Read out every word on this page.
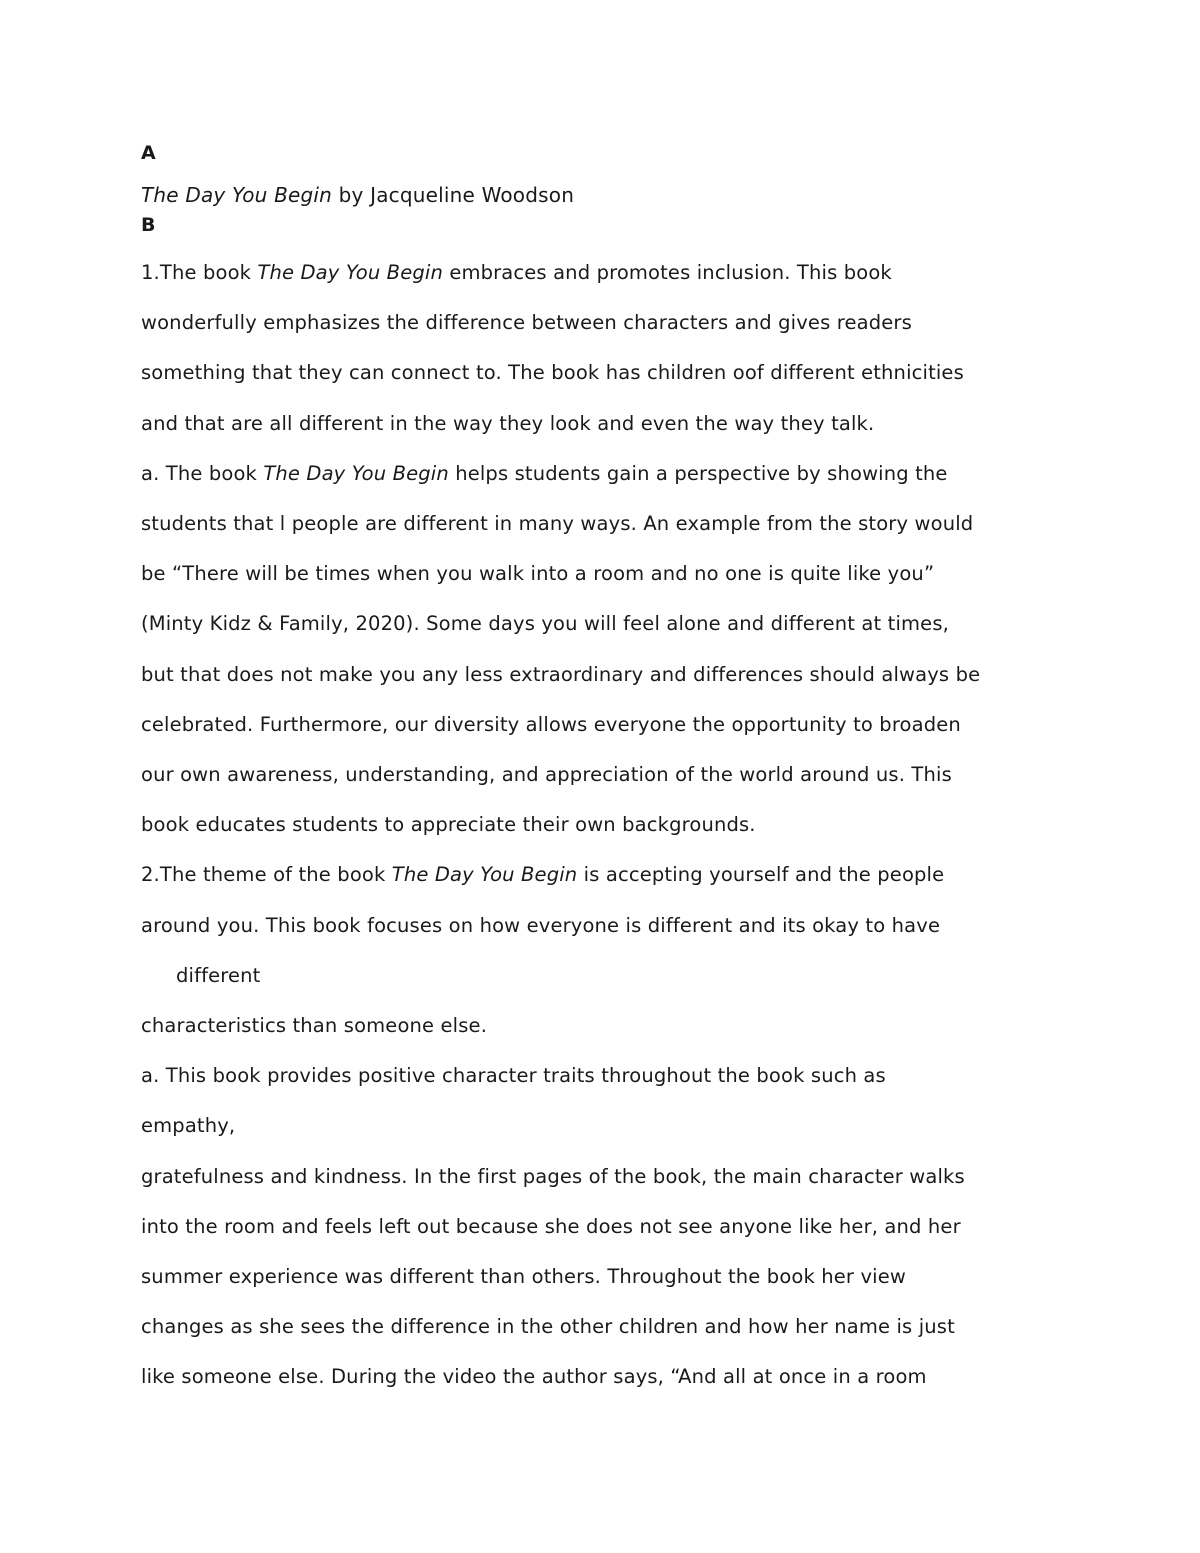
A

The Day You Begin by Jacqueline Woodson

B

1.The book The Day You Begin embraces and promotes inclusion. This book

wonderfully emphasizes the difference between characters and gives readers

something that they can connect to. The book has children oof different ethnicities

and that are all different in the way they look and even the way they talk.

a. The book The Day You Begin helps students gain a perspective by showing the

students that l people are different in many ways. An example from the story would

be “There will be times when you walk into a room and no one is quite like you”

(Minty Kidz & Family, 2020). Some days you will feel alone and different at times,

but that does not make you any less extraordinary and differences should always be

celebrated. Furthermore, our diversity allows everyone the opportunity to broaden

our own awareness, understanding, and appreciation of the world around us. This

book educates students to appreciate their own backgrounds.

2.The theme of the book The Day You Begin is accepting yourself and the people

around you. This book focuses on how everyone is different and its okay to have

different

characteristics than someone else.

a. This book provides positive character traits throughout the book such as

empathy,

gratefulness and kindness. In the first pages of the book, the main character walks

into the room and feels left out because she does not see anyone like her, and her

summer experience was different than others. Throughout the book her view

changes as she sees the difference in the other children and how her name is just

like someone else. During the video the author says, “And all at once in a room
